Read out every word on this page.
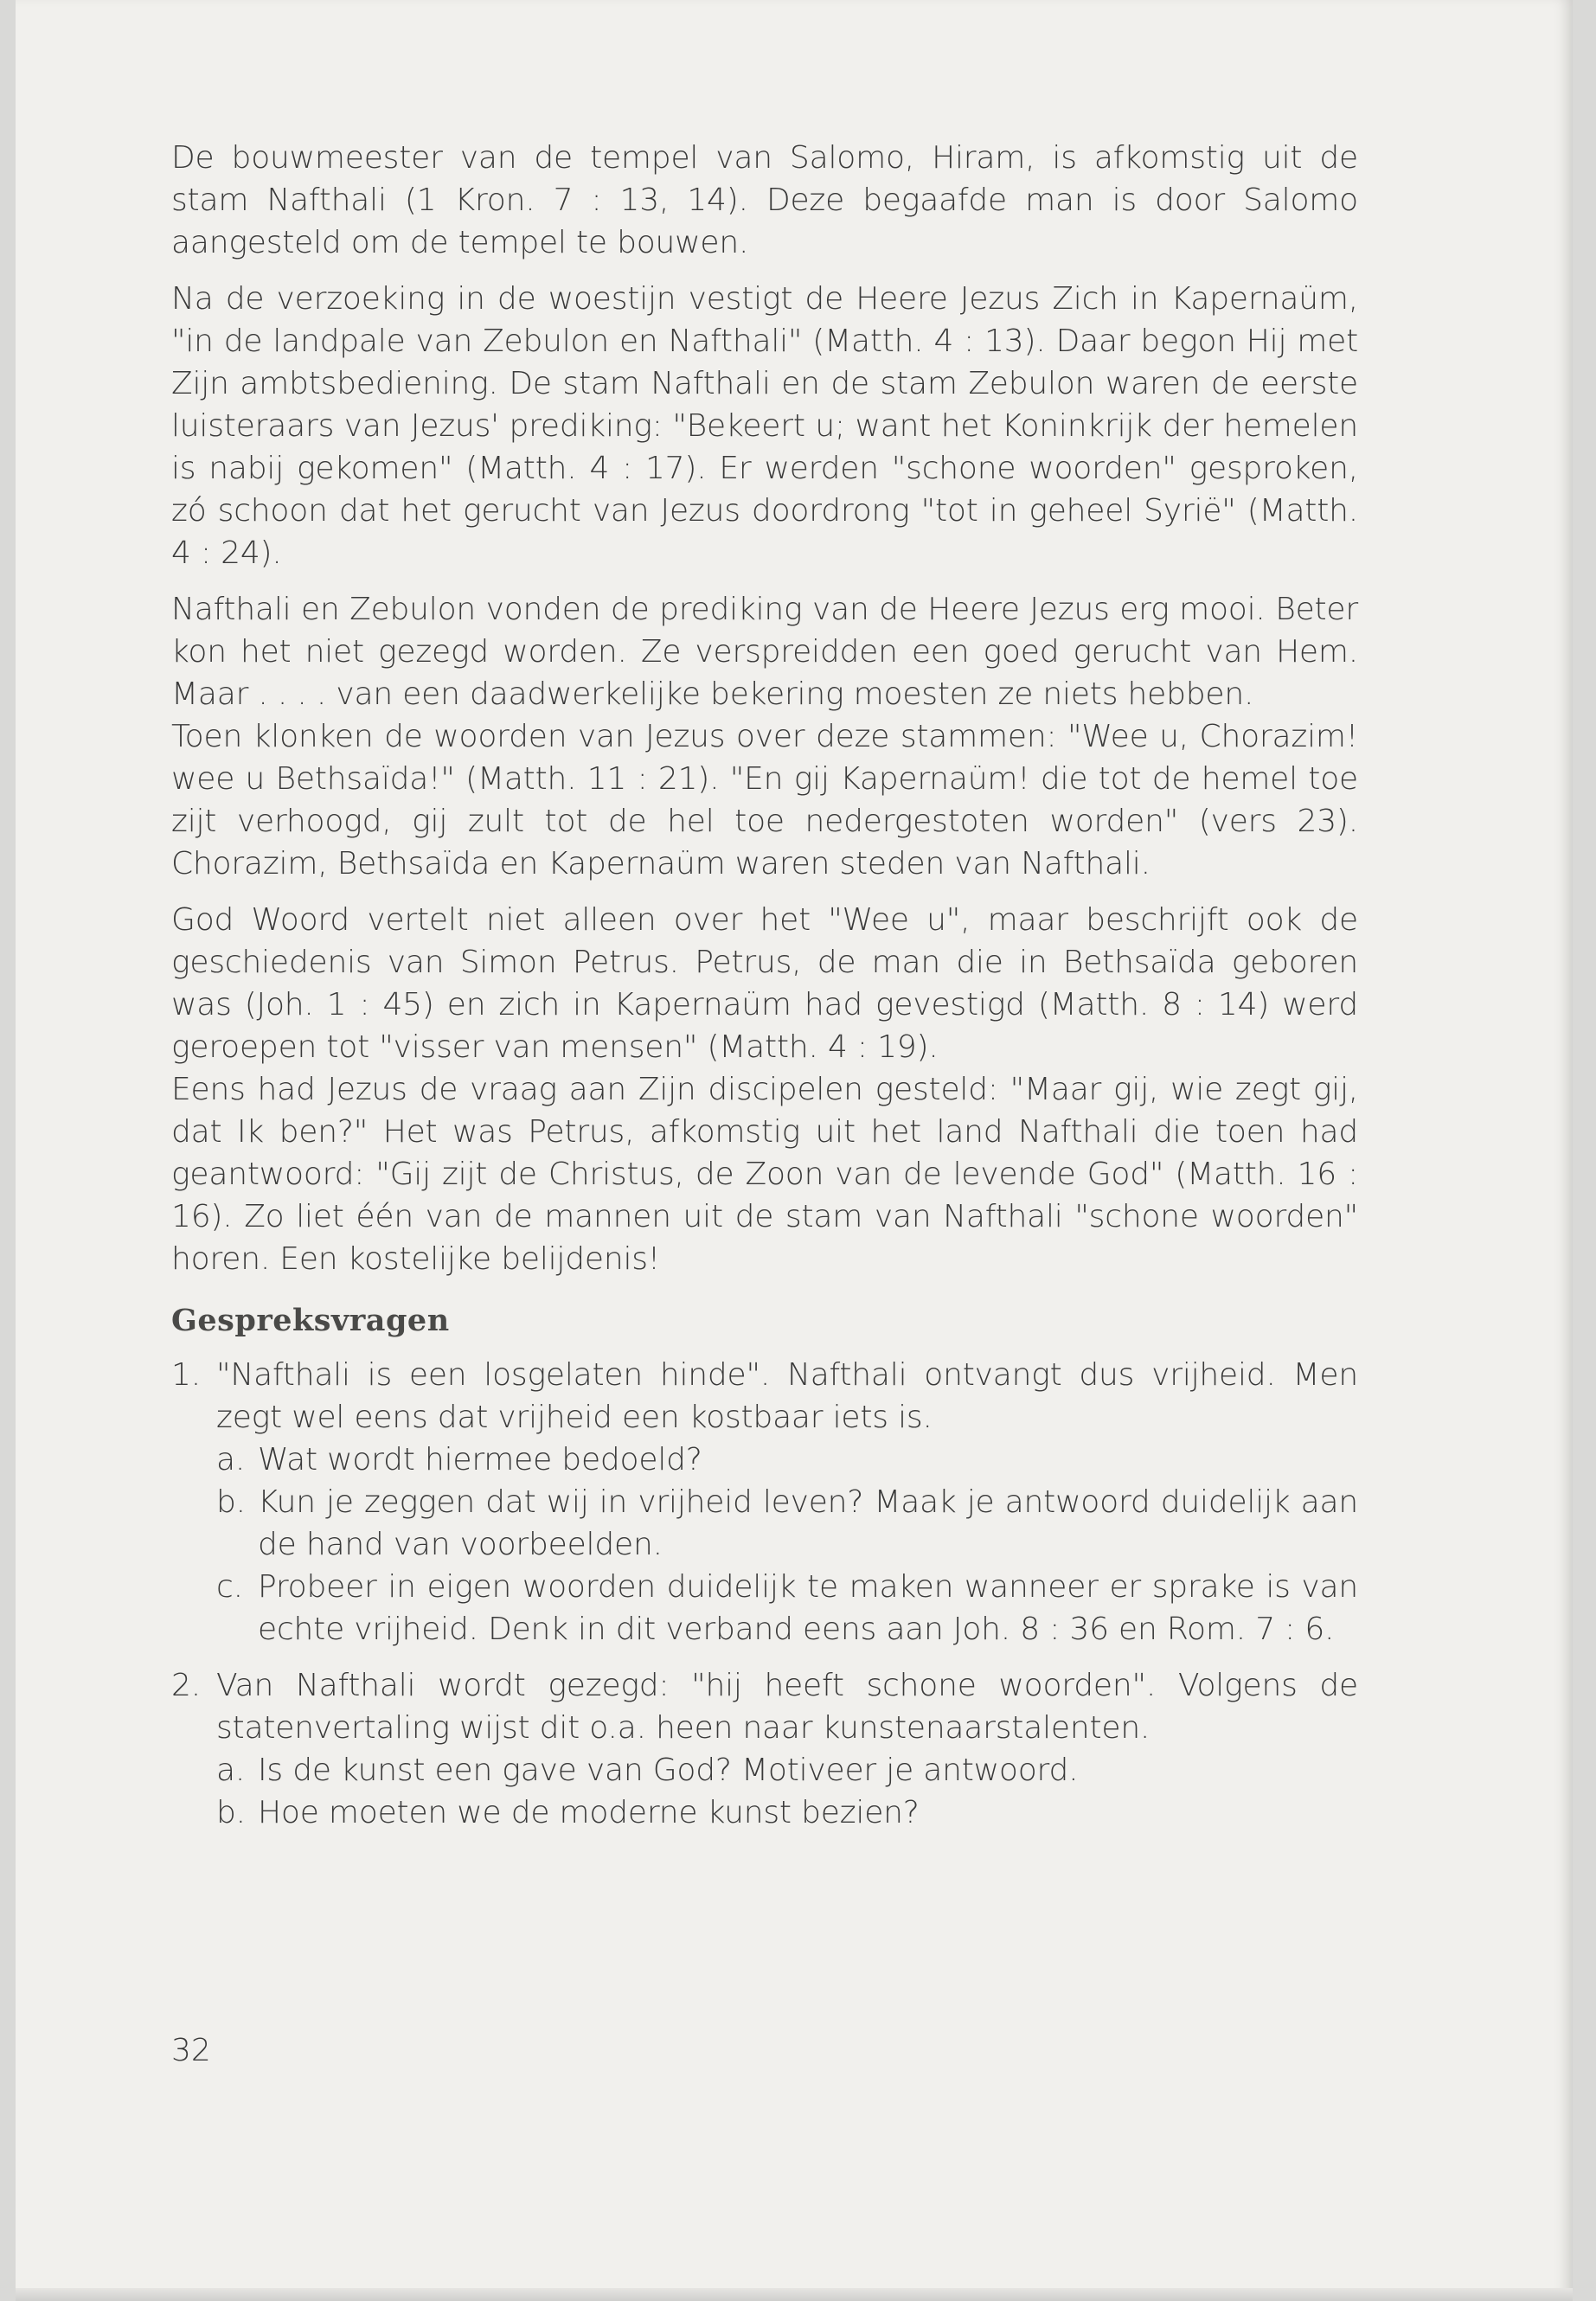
De bouwmeester van de tempel van Salomo, Hiram, is afkomstig uit de stam Nafthali (1 Kron. 7 : 13, 14). Deze begaafde man is door Salomo aangesteld om de tempel te bouwen.

Na de verzoeking in de woestijn vestigt de Heere Jezus Zich in Kapernaüm, "in de landpale van Zebulon en Nafthali" (Matth. 4 : 13). Daar begon Hij met Zijn ambtsbediening. De stam Nafthali en de stam Zebulon waren de eerste luisteraars van Jezus' prediking: "Bekeert u; want het Koninkrijk der hemelen is nabij gekomen" (Matth. 4 : 17). Er werden "schone woorden" gesproken, zó schoon dat het gerucht van Jezus doordrong "tot in geheel Syrië" (Matth. 4 : 24).

Nafthali en Zebulon vonden de prediking van de Heere Jezus erg mooi. Beter kon het niet gezegd worden. Ze verspreidden een goed gerucht van Hem. Maar . . . . van een daadwerkelijke bekering moesten ze niets hebben.

Toen klonken de woorden van Jezus over deze stammen: "Wee u, Chorazim! wee u Bethsaïda!" (Matth. 11 : 21). "En gij Kapernaüm! die tot de hemel toe zijt verhoogd, gij zult tot de hel toe nedergestoten worden" (vers 23). Chorazim, Bethsaïda en Kapernaüm waren steden van Nafthali.

God Woord vertelt niet alleen over het "Wee u", maar beschrijft ook de geschiedenis van Simon Petrus. Petrus, de man die in Bethsaïda geboren was (Joh. 1 : 45) en zich in Kapernaüm had gevestigd (Matth. 8 : 14) werd geroepen tot "visser van mensen" (Matth. 4 : 19).

Eens had Jezus de vraag aan Zijn discipelen gesteld: "Maar gij, wie zegt gij, dat Ik ben?" Het was Petrus, afkomstig uit het land Nafthali die toen had geantwoord: "Gij zijt de Christus, de Zoon van de levende God" (Matth. 16 : 16). Zo liet één van de mannen uit de stam van Nafthali "schone woorden" horen. Een kostelijke belijdenis!

Gespreksvragen
1. "Nafthali is een losgelaten hinde". Nafthali ontvangt dus vrijheid. Men zegt wel eens dat vrijheid een kostbaar iets is.
a. Wat wordt hiermee bedoeld?
b. Kun je zeggen dat wij in vrijheid leven? Maak je antwoord duidelijk aan de hand van voorbeelden.
c. Probeer in eigen woorden duidelijk te maken wanneer er sprake is van echte vrijheid. Denk in dit verband eens aan Joh. 8 : 36 en Rom. 7 : 6.
2. Van Nafthali wordt gezegd: "hij heeft schone woorden". Volgens de statenvertaling wijst dit o.a. heen naar kunstenaarstalenten.
a. Is de kunst een gave van God? Motiveer je antwoord.
b. Hoe moeten we de moderne kunst bezien?
32
